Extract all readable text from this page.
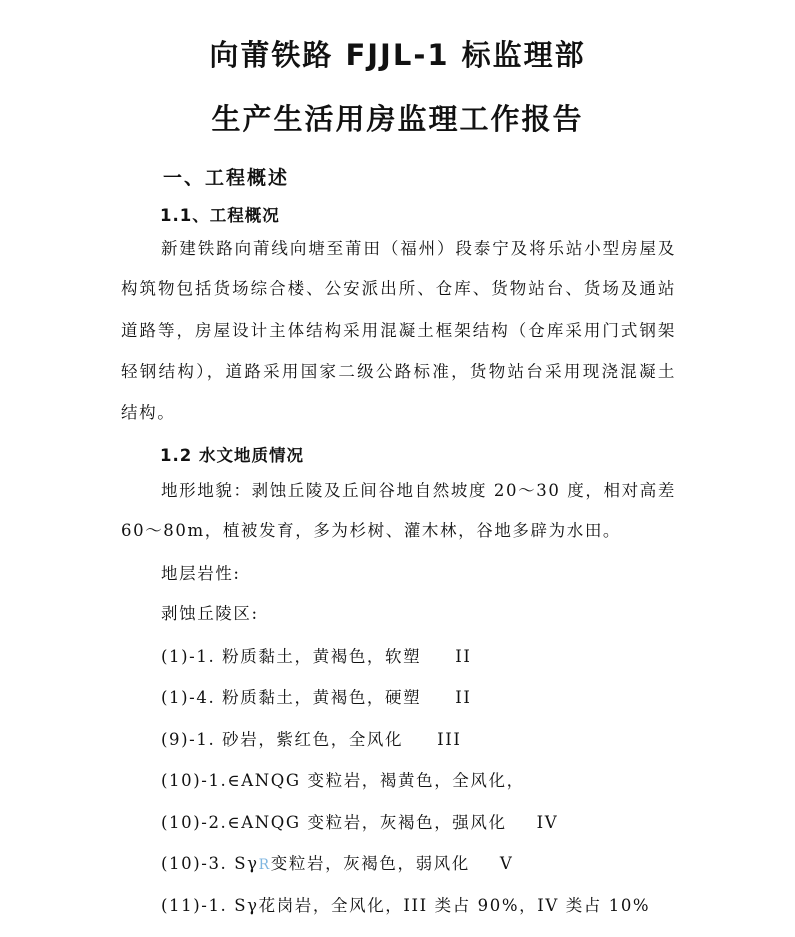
向莆铁路 FJJL-1 标监理部
生产生活用房监理工作报告
一、工程概述
1.1、工程概况
新建铁路向莆线向塘至莆田（福州）段泰宁及将乐站小型房屋及
构筑物包括货场综合楼、公安派出所、仓库、货物站台、货场及通站
道路等，房屋设计主体结构采用混凝土框架结构（仓库采用门式钢架
轻钢结构），道路采用国家二级公路标准，货物站台采用现浇混凝土
结构。
1.2 水文地质情况
地形地貌：剥蚀丘陵及丘间谷地自然坡度 20～30 度，相对高差
60～80m，植被发育，多为杉树、灌木林，谷地多辟为水田。
地层岩性:
剥蚀丘陵区:
(1)-1. 粉质黏土，黄褐色，软塑 II
(1)-4. 粉质黏土，黄褐色，硬塑 II
(9)-1. 砂岩，紫红色，全风化 III
(10)-1.∈ANQG 变粒岩，褐黄色，全风化，
(10)-2.∈ANQG 变粒岩，灰褐色，强风化 IV
(10)-3. SγR变粒岩，灰褐色，弱风化 V
(11)-1. Sγ花岗岩，全风化，III 类占 90%，IV 类占 10%
